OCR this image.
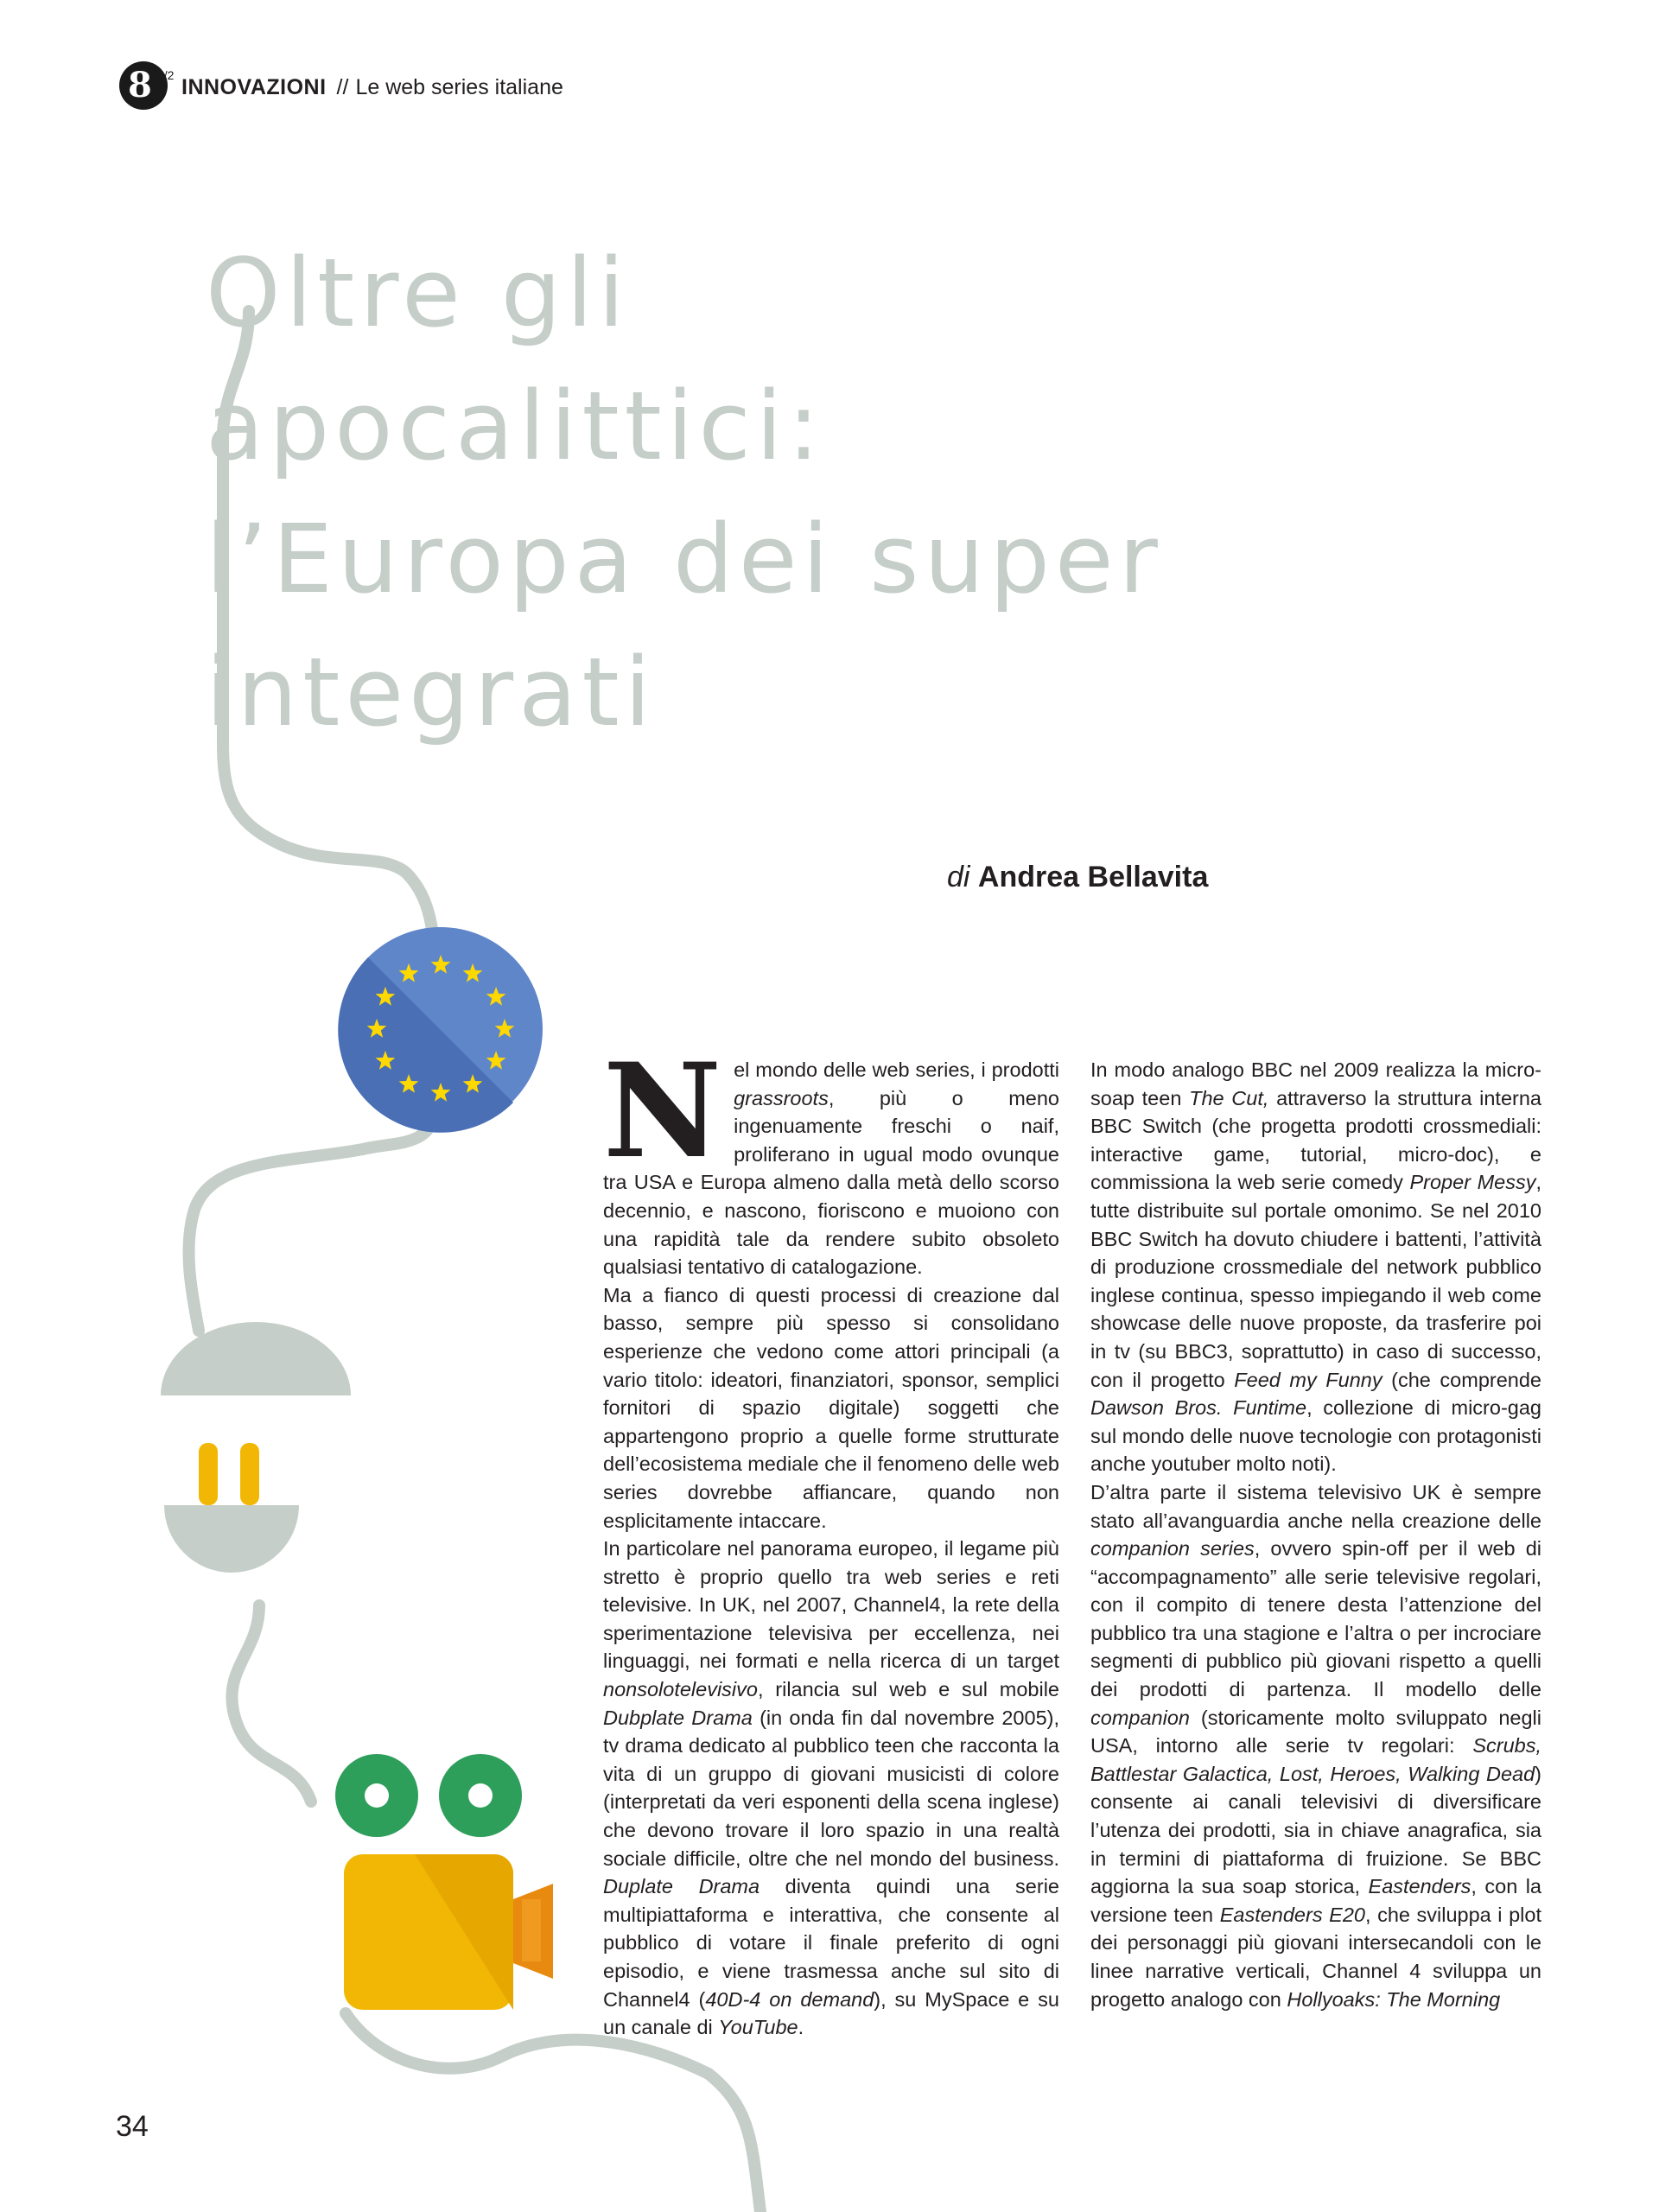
8 1/2 INNOVAZIONI // Le web series italiane
Oltre gli
apocalittici:
l’Europa dei super
integrati
di Andrea Bellavita

Nel mondo delle web series, i prodotti grassroots, più o meno ingenuamente freschi o naif, proliferano in ugual modo ovunque tra USA e Europa almeno dalla metà dello scorso decennio, e nascono, fioriscono e muoiono con una rapidità tale da rendere subito obsoleto qualsiasi tentativo di catalogazione.

Ma a fianco di questi processi di creazione dal basso, sempre più spesso si consolidano esperienze che vedono come attori principali (a vario titolo: ideatori, finanziatori, sponsor, semplici fornitori di spazio digitale) soggetti che appartengono proprio a quelle forme strutturate dell’ecosistema mediale che il fenomeno delle web series dovrebbe affiancare, quando non esplicitamente intaccare.

In particolare nel panorama europeo, il legame più stretto è proprio quello tra web series e reti televisive. In UK, nel 2007, Channel4, la rete della sperimentazione televisiva per eccellenza, nei linguaggi, nei formati e nella ricerca di un target nonsolotelevisivo, rilancia sul web e sul mobile Dubplate Drama (in onda fin dal novembre 2005), tv drama dedicato al pubblico teen che racconta la vita di un gruppo di giovani musicisti di colore (interpretati da veri esponenti della scena inglese) che devono trovare il loro spazio in una realtà sociale difficile, oltre che nel mondo del business. Duplate Drama diventa quindi una serie multipiattaforma e interattiva, che consente al pubblico di votare il finale preferito di ogni episodio, e viene trasmessa anche sul sito di Channel4 (40D-4 on demand), su MySpace e su un canale di YouTube.

In modo analogo BBC nel 2009 realizza la micro-soap teen The Cut, attraverso la struttura interna BBC Switch (che progetta prodotti crossmediali: interactive game, tutorial, micro-doc), e commissiona la web serie comedy Proper Messy, tutte distribuite sul portale omonimo. Se nel 2010 BBC Switch ha dovuto chiudere i battenti, l’attività di produzione crossmediale del network pubblico inglese continua, spesso impiegando il web come showcase delle nuove proposte, da trasferire poi in tv (su BBC3, soprattutto) in caso di successo, con il progetto Feed my Funny (che comprende Dawson Bros. Funtime, collezione di micro-gag sul mondo delle nuove tecnologie con protagonisti anche youtuber molto noti).

D’altra parte il sistema televisivo UK è sempre stato all’avanguardia anche nella creazione delle companion series, ovvero spin-off per il web di “accompagnamento” alle serie televisive regolari, con il compito di tenere desta l’attenzione del pubblico tra una stagione e l’altra o per incrociare segmenti di pubblico più giovani rispetto a quelli dei prodotti di partenza. Il modello delle companion (storicamente molto sviluppato negli USA, intorno alle serie tv regolari: Scrubs, Battlestar Galactica, Lost, Heroes, Walking Dead) consente ai canali televisivi di diversificare l’utenza dei prodotti, sia in chiave anagrafica, sia in termini di piattaforma di fruizione. Se BBC aggiorna la sua soap storica, Eastenders, con la versione teen Eastenders E20, che sviluppa i plot dei personaggi più giovani intersecandoli con le linee narrative verticali, Channel 4 sviluppa un progetto analogo con Hollyoaks: The Morning

34
